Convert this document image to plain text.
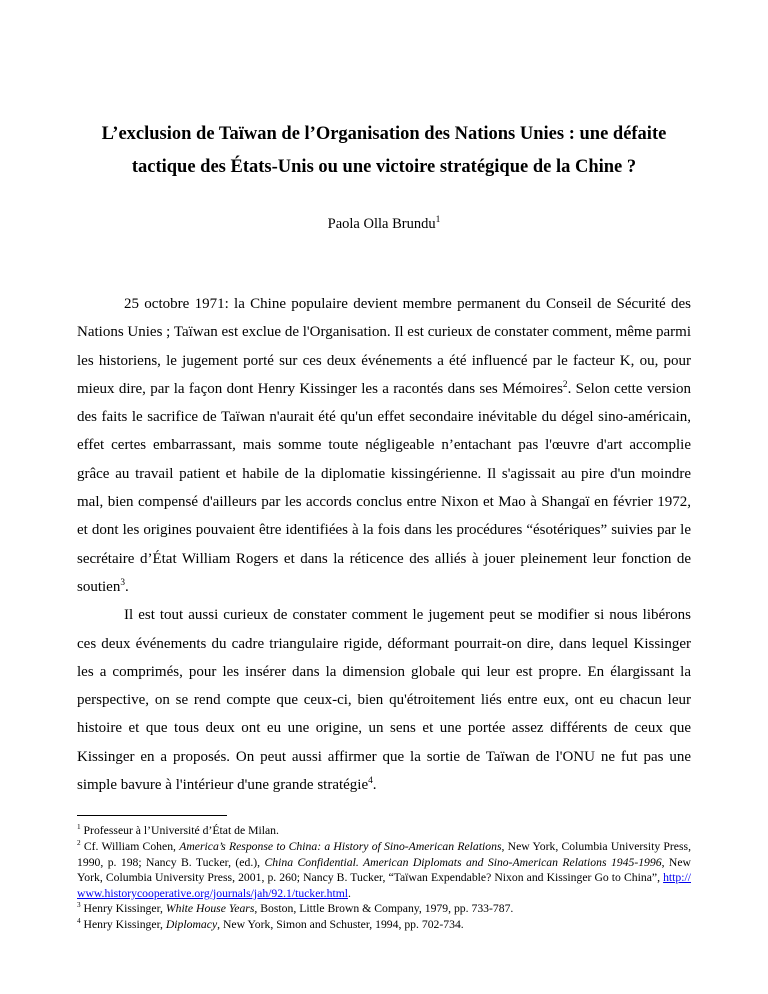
L’exclusion de Taïwan de l’Organisation des Nations Unies : une défaite tactique des États-Unis ou une victoire stratégique de la Chine ?
Paola Olla Brundu$^1$

25 octobre 1971: la Chine populaire devient membre permanent du Conseil de Sécurité des Nations Unies ; Taïwan est exclue de l'Organisation. Il est curieux de constater comment, même parmi les historiens, le jugement porté sur ces deux événements a été influencé par le facteur K, ou, pour mieux dire, par la façon dont Henry Kissinger les a racontés dans ses Mémoires$^2$. Selon cette version des faits le sacrifice de Taïwan n'aurait été qu'un effet secondaire inévitable du dégel sino-américain, effet certes embarrassant, mais somme toute négligeable n’entachant pas l'œuvre d'art accomplie grâce au travail patient et habile de la diplomatie kissingérienne. Il s'agissait au pire d'un moindre mal, bien compensé d'ailleurs par les accords conclus entre Nixon et Mao à Shangaï en février 1972, et dont les origines pouvaient être identifiées à la fois dans les procédures “ésotériques” suivies par le secrétaire d’État William Rogers et dans la réticence des alliés à jouer pleinement leur fonction de soutien$^3$.

Il est tout aussi curieux de constater comment le jugement peut se modifier si nous libérons ces deux événements du cadre triangulaire rigide, déformant pourrait-on dire, dans lequel Kissinger les a comprimés, pour les insérer dans la dimension globale qui leur est propre. En élargissant la perspective, on se rend compte que ceux-ci, bien qu'étroitement liés entre eux, ont eu chacun leur histoire et que tous deux ont eu une origine, un sens et une portée assez différents de ceux que Kissinger en a proposés. On peut aussi affirmer que la sortie de Taïwan de l'ONU ne fut pas une simple bavure à l'intérieur d'une grande stratégie$^4$.

$^1$ Professeur à l’Université d’État de Milan.
$^2$ Cf. William Cohen, America’s Response to China: a History of Sino-American Relations, New York, Columbia University Press, 1990, p. 198; Nancy B. Tucker, (ed.), China Confidential. American Diplomats and Sino-American Relations 1945-1996, New York, Columbia University Press, 2001, p. 260; Nancy B. Tucker, “Taïwan Expendable? Nixon and Kissinger Go to China”, http://www.historycooperative.org/journals/jah/92.1/tucker.html.
$^3$ Henry Kissinger, White House Years, Boston, Little Brown & Company, 1979, pp. 733-787.
$^4$ Henry Kissinger, Diplomacy, New York, Simon and Schuster, 1994, pp. 702-734.
